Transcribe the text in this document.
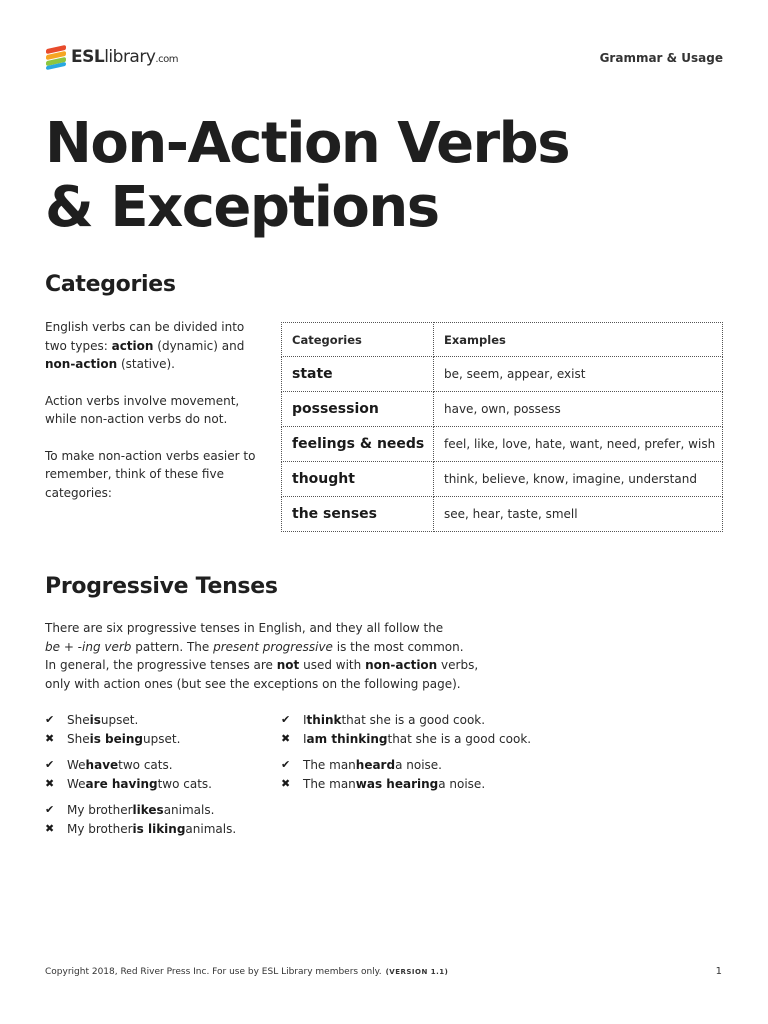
ESLlibrary.com	Grammar & Usage
Non-Action Verbs
& Exceptions
Categories

English verbs can be divided into two types: action (dynamic) and non-action (stative).

Action verbs involve movement, while non-action verbs do not.

To make non-action verbs easier to remember, think of these five categories:

Categories	Examples
state	be, seem, appear, exist
possession	have, own, possess
feelings & needs	feel, like, love, hate, want, need, prefer, wish
thought	think, believe, know, imagine, understand
the senses	see, hear, taste, smell
Progressive Tenses
There are six progressive tenses in English, and they all follow the
be + -ing verb pattern. The present progressive is the most common.
In general, the progressive tenses are not used with non-action verbs,
only with action ones (but see the exceptions on the following page).
✔	She is upset.
✖	She is being upset.
✔	We have two cats.
✖	We are having two cats.
✔	My brother likes animals.
✖	My brother is liking animals.
✔	I think that she is a good cook.
✖	I am thinking that she is a good cook.
✔	The man heard a noise.
✖	The man was hearing a noise.
Copyright 2018, Red River Press Inc. For use by ESL Library members only. (VERSION 1.1)	1
